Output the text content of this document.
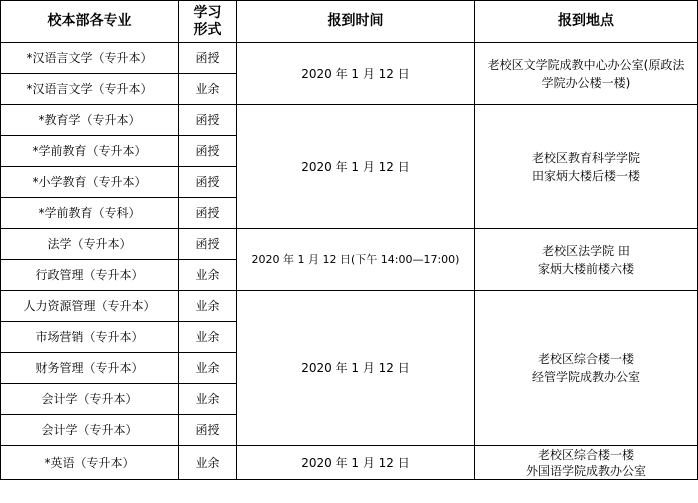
校本部各专业	学习形式	报到时间	报到地点
*汉语言文学（专升本）	函授	2020 年 1 月 12 日	老校区文学院成教中心办公室(原政法
学院办公楼一楼)
*汉语言文学（专升本）	业余		
*教育学（专升本）	函授	2020 年 1 月 12 日	老校区教育科学学院
田家炳大楼后楼一楼
*学前教育（专升本）	函授		
*小学教育（专升本）	函授		
*学前教育（专科）	函授		
法学（专升本）	函授	2020 年 1 月 12 日(下午 14:00—17:00)	老校区法学院 田
家炳大楼前楼六楼
行政管理（专升本）	业余		
人力资源管理（专升本）	业余	2020 年 1 月 12 日	老校区综合楼一楼
经管学院成教办公室
市场营销（专升本）	业余		
财务管理（专升本）	业余		
会计学（专升本）	业余		
会计学（专升本）	函授		
*英语（专升本）	业余	2020 年 1 月 12 日	老校区综合楼一楼
外国语学院成教办公室
